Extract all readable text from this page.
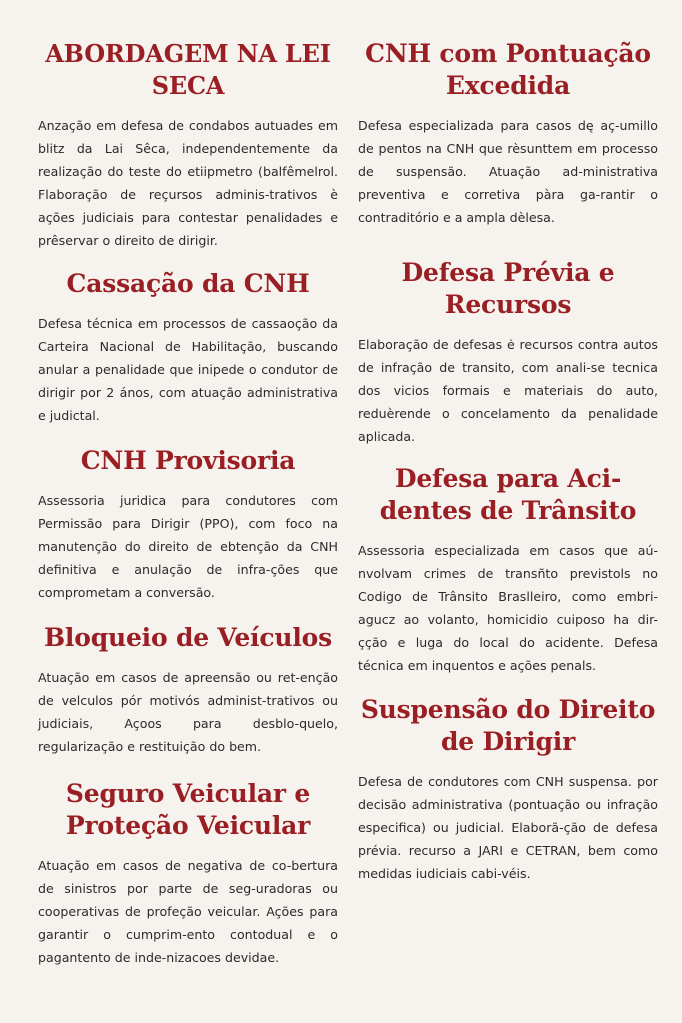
ABORDAGEM NA LEI SECA

Anzação em defesa de condabos autuades em blitz da Lai Sêca, independentemente da realização do teste do etiipmetro (balfêmelrol. Flaboração de reçursos adminis-trativos è ações judiciais para contestar penalidades e prêservar o direito de dirigir.

Cassação da CNH

Defesa técnica em processos de cassaoção da Carteira Nacional de Habilitação, buscando anular a penalidade que inipede o condutor de dirigir por 2 ános, com atuação administrativa e judictal.

CNH Provisoria

Assessoria juridica para condutores com Permissão para Dirigir (PPO), com foco na manutenção do direito de ebtenção da CNH definitiva e anulação de infra-ções que comprometam a conversão.

Bloqueio de Veículos

Atuação em casos de apreensão ou ret-enção de velculos pór motivós administ-trativos ou judiciais, Açoos para desblo-quelo, regularização e restituição do bem.

Seguro Veicular e Proteção Veicular

Atuação em casos de negativa de co-bertura de sinistros por parte de seg-uradoras ou cooperativas de profeção veicular. Ações para garantir o cumprim-ento contodual e o pagantento de inde-nizacoes devidae.

CNH com Pontuação Excedida

Defesa especializada para casos dę aç-umillo de pentos na CNH que rèsunttem em processo de suspensão. Atuação ad-ministrativa preventiva e corretiva pàra ga-rantir o contraditório e a ampla dèlesa.

Defesa Prévia e Recursos

Elaboração de defesas ė recursos contra autos de infração de transito, com anali-se tecnica dos vicios formais e materiais do auto, reduèrende o concelamento da penalidade aplicada.

Defesa para Aci-dentes de Trânsito

Assessoria especializada em casos que aú-nvolvam crimes de transñto previstols no Codigo de Trânsito Braslleiro, como embri-agucz ao volanto, homicidio cuiposo ha dir-çção e luga do local do acidente. Defesa técnica em inquentos e ações penals.

Suspensão do Direito de Dirigir

Defesa de condutores com CNH suspensa. por decisão administrativa (pontuação ou infração especifica) ou judicial. Elaborã-ção de defesa prévia. recurso a JARI e CETRAN, bem como medidas iudiciais cabi-véis.
